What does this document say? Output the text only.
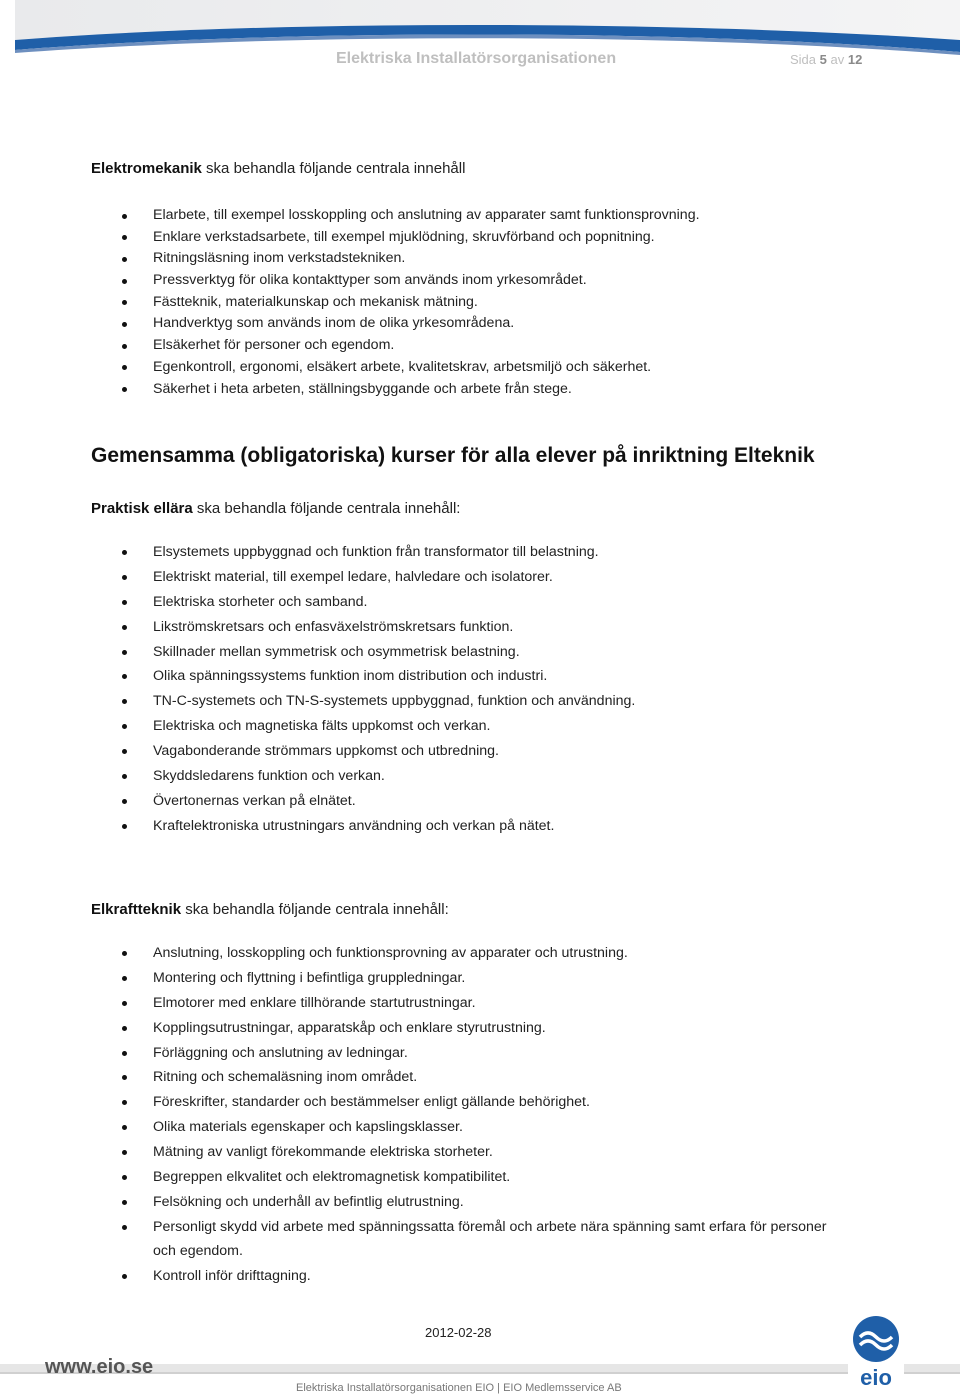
Elektriska Installatörsorganisationen	Sida 5 av 12
Elektromekanik ska behandla följande centrala innehåll
Elarbete, till exempel losskoppling och anslutning av apparater samt funktionsprovning.
Enklare verkstadsarbete, till exempel mjuklödning, skruvförband och popnitning.
Ritningsläsning inom verkstadstekniken.
Pressverktyg för olika kontakttyper som används inom yrkesområdet.
Fästteknik, materialkunskap och mekanisk mätning.
Handverktyg som används inom de olika yrkesområdena.
Elsäkerhet för personer och egendom.
Egenkontroll, ergonomi, elsäkert arbete, kvalitetskrav, arbetsmiljö och säkerhet.
Säkerhet i heta arbeten, ställningsbyggande och arbete från stege.
Gemensamma (obligatoriska) kurser för alla elever på inriktning Elteknik
Praktisk ellära ska behandla följande centrala innehåll:
Elsystemets uppbyggnad och funktion från transformator till belastning.
Elektriskt material, till exempel ledare, halvledare och isolatorer.
Elektriska storheter och samband.
Likströmskretsars och enfasväxelströmskretsars funktion.
Skillnader mellan symmetrisk och osymmetrisk belastning.
Olika spänningssystems funktion inom distribution och industri.
TN-C-systemets och TN-S-systemets uppbyggnad, funktion och användning.
Elektriska och magnetiska fälts uppkomst och verkan.
Vagabonderande strömmars uppkomst och utbredning.
Skyddsledarens funktion och verkan.
Övertonernas verkan på elnätet.
Kraftelektroniska utrustningars användning och verkan på nätet.
Elkraftteknik ska behandla följande centrala innehåll:
Anslutning, losskoppling och funktionsprovning av apparater och utrustning.
Montering och flyttning i befintliga gruppledningar.
Elmotorer med enklare tillhörande startutrustningar.
Kopplingsutrustningar, apparatskåp och enklare styrutrustning.
Förläggning och anslutning av ledningar.
Ritning och schemaläsning inom området.
Föreskrifter, standarder och bestämmelser enligt gällande behörighet.
Olika materials egenskaper och kapslingsklasser.
Mätning av vanligt förekommande elektriska storheter.
Begreppen elkvalitet och elektromagnetisk kompatibilitet.
Felsökning och underhåll av befintlig elutrustning.
Personligt skydd vid arbete med spänningssatta föremål och arbete nära spänning samt erfara för personer och egendom.
Kontroll inför drifttagning.
2012-02-28
www.eio.se
Elektriska Installatörsorganisationen EIO | EIO Medlemsservice AB	eio
